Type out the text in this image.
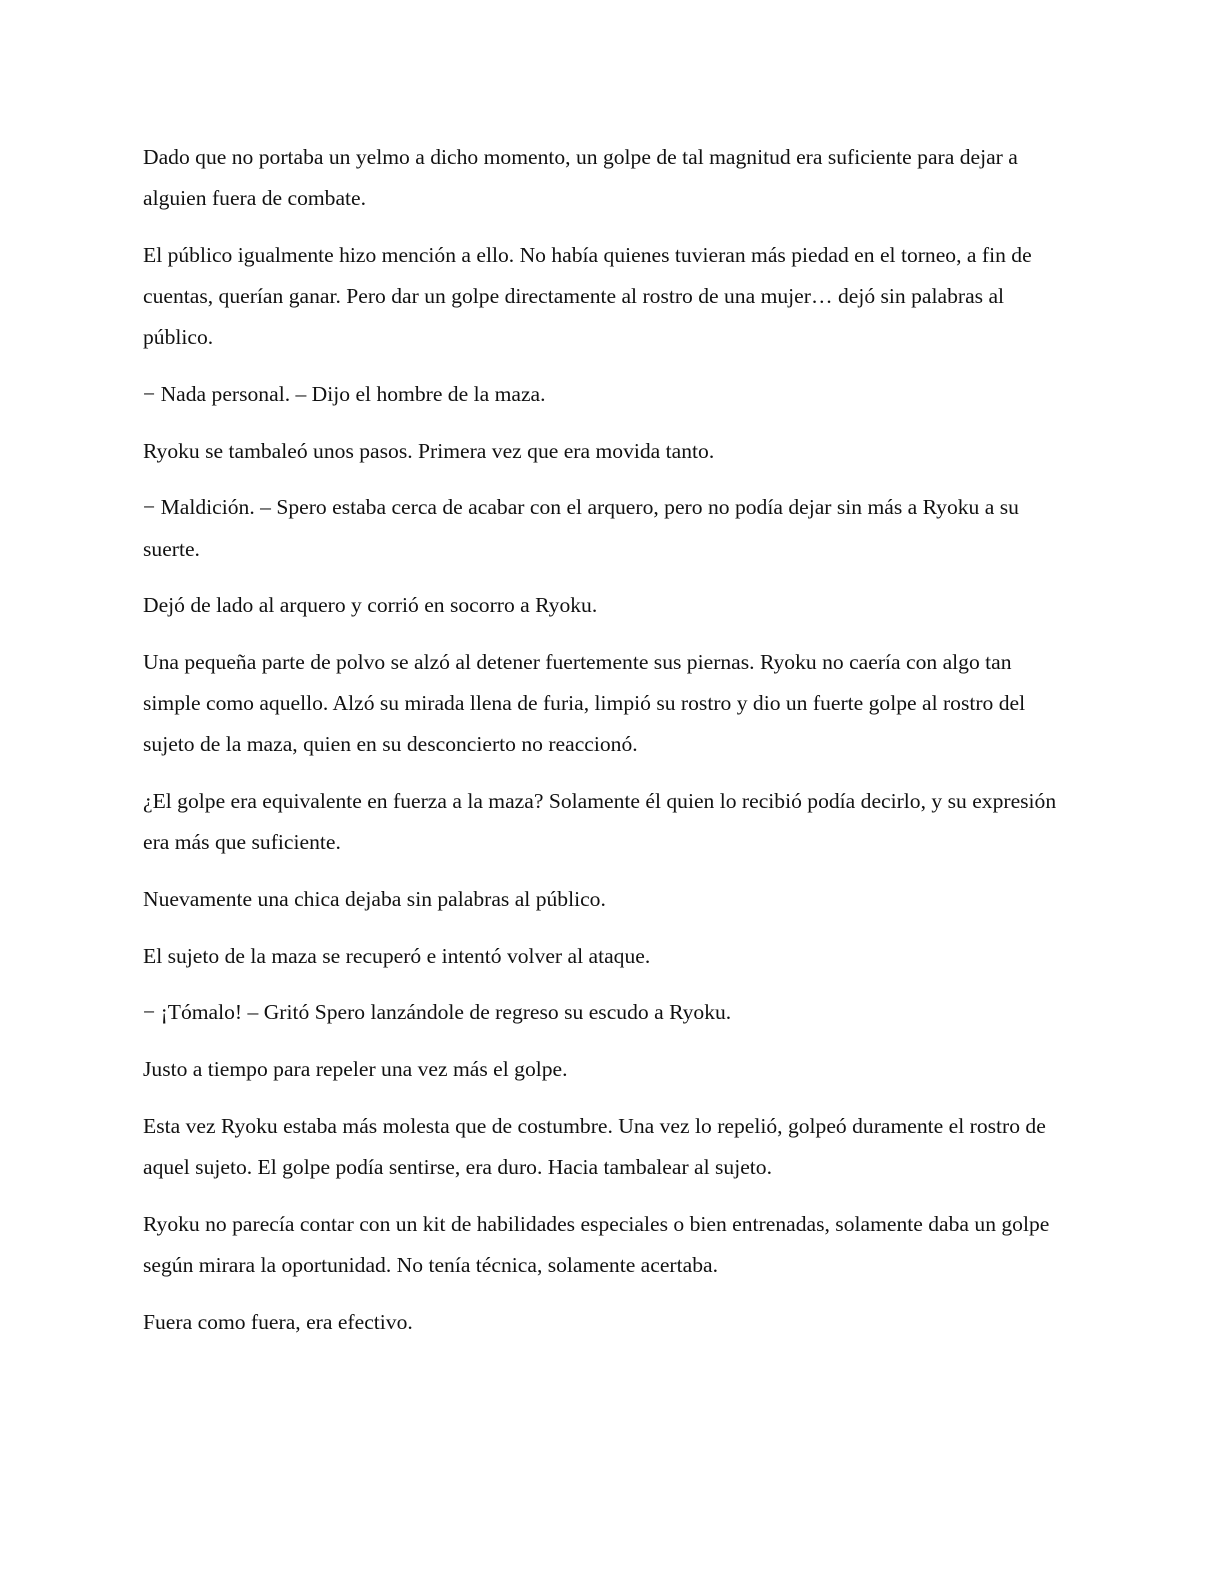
Dado que no portaba un yelmo a dicho momento, un golpe de tal magnitud era suficiente para dejar a alguien fuera de combate.

El público igualmente hizo mención a ello. No había quienes tuvieran más piedad en el torneo, a fin de cuentas, querían ganar. Pero dar un golpe directamente al rostro de una mujer… dejó sin palabras al público.

− Nada personal. – Dijo el hombre de la maza.

Ryoku se tambaleó unos pasos. Primera vez que era movida tanto.

− Maldición. – Spero estaba cerca de acabar con el arquero, pero no podía dejar sin más a Ryoku a su suerte.

Dejó de lado al arquero y corrió en socorro a Ryoku.

Una pequeña parte de polvo se alzó al detener fuertemente sus piernas. Ryoku no caería con algo tan simple como aquello. Alzó su mirada llena de furia, limpió su rostro y dio un fuerte golpe al rostro del sujeto de la maza, quien en su desconcierto no reaccionó.

¿El golpe era equivalente en fuerza a la maza? Solamente él quien lo recibió podía decirlo, y su expresión era más que suficiente.

Nuevamente una chica dejaba sin palabras al público.

El sujeto de la maza se recuperó e intentó volver al ataque.

− ¡Tómalo! – Gritó Spero lanzándole de regreso su escudo a Ryoku.

Justo a tiempo para repeler una vez más el golpe.

Esta vez Ryoku estaba más molesta que de costumbre. Una vez lo repelió, golpeó duramente el rostro de aquel sujeto. El golpe podía sentirse, era duro. Hacia tambalear al sujeto.

Ryoku no parecía contar con un kit de habilidades especiales o bien entrenadas, solamente daba un golpe según mirara la oportunidad. No tenía técnica, solamente acertaba.

Fuera como fuera, era efectivo.
